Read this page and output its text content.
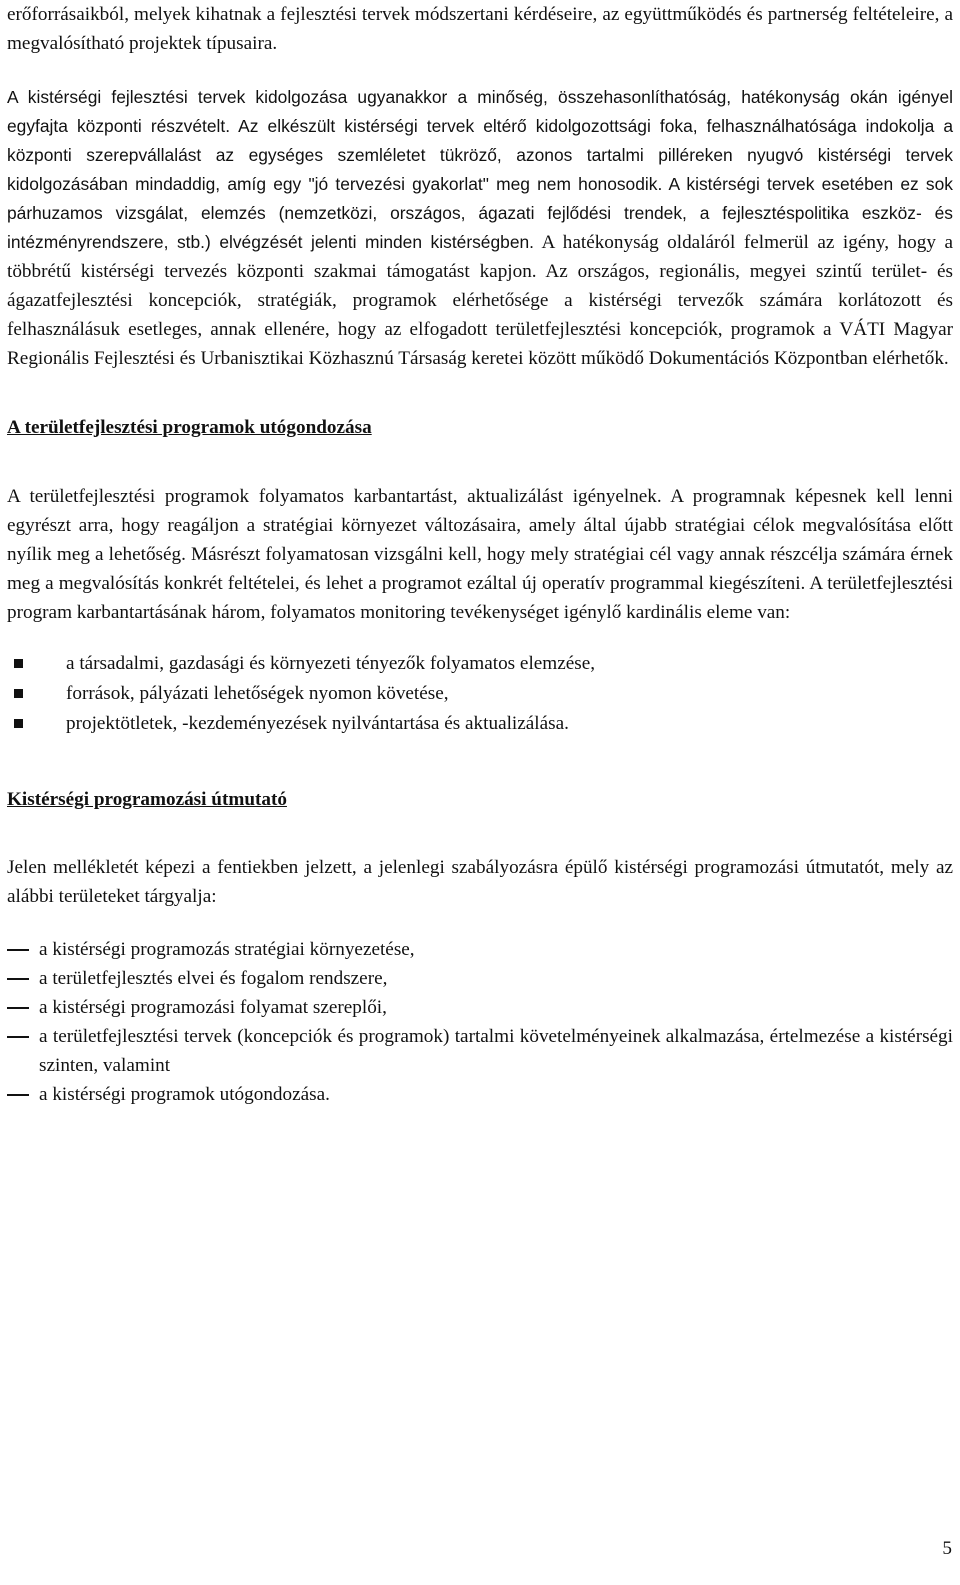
erőforrásaikból, melyek kihatnak a fejlesztési tervek módszertani kérdéseire, az együttműködés és partnerség feltételeire, a megvalósítható projektek típusaira.

A kistérségi fejlesztési tervek kidolgozása ugyanakkor a minőség, összehasonlíthatóság, hatékonyság okán igényel egyfajta központi részvételt. Az elkészült kistérségi tervek eltérő kidolgozottsági foka, felhasználhatósága indokolja a központi szerepvállalást az egységes szemléletet tükröző, azonos tartalmi pilléreken nyugvó kistérségi tervek kidolgozásában mindaddig, amíg egy "jó tervezési gyakorlat" meg nem honosodik. A kistérségi tervek esetében ez sok párhuzamos vizsgálat, elemzés (nemzetközi, országos, ágazati fejlődési trendek, a fejlesztéspolitika eszköz- és intézményrendszere, stb.) elvégzését jelenti minden kistérségben. A hatékonyság oldaláról felmerül az igény, hogy a többrétű kistérségi tervezés központi szakmai támogatást kapjon. Az országos, regionális, megyei szintű terület- és ágazatfejlesztési koncepciók, stratégiák, programok elérhetősége a kistérségi tervezők számára korlátozott és felhasználásuk esetleges, annak ellenére, hogy az elfogadott területfejlesztési koncepciók, programok a VÁTI Magyar Regionális Fejlesztési és Urbanisztikai Közhasznú Társaság keretei között működő Dokumentációs Központban elérhetők.

A területfejlesztési programok utógondozása

A területfejlesztési programok folyamatos karbantartást, aktualizálást igényelnek. A programnak képesnek kell lenni egyrészt arra, hogy reagáljon a stratégiai környezet változásaira, amely által újabb stratégiai célok megvalósítása előtt nyílik meg a lehetőség. Másrészt folyamatosan vizsgálni kell, hogy mely stratégiai cél vagy annak részcélja számára érnek meg a megvalósítás konkrét feltételei, és lehet a programot ezáltal új operatív programmal kiegészíteni. A területfejlesztési program karbantartásának három, folyamatos monitoring tevékenységet igénylő kardinális eleme van:

a társadalmi, gazdasági és környezeti tényezők folyamatos elemzése,
források, pályázati lehetőségek nyomon követése,
projektötletek, -kezdeményezések nyilvántartása és aktualizálása.
Kistérségi programozási útmutató

Jelen mellékletét képezi a fentiekben jelzett, a jelenlegi szabályozásra épülő kistérségi programozási útmutatót, mely az alábbi területeket tárgyalja:

a kistérségi programozás stratégiai környezetése,
a területfejlesztés elvei és fogalom rendszere,
a kistérségi programozási folyamat szereplői,
a területfejlesztési tervek (koncepciók és programok) tartalmi követelményeinek alkalmazása, értelmezése a kistérségi szinten, valamint
a kistérségi programok utógondozása.
5
